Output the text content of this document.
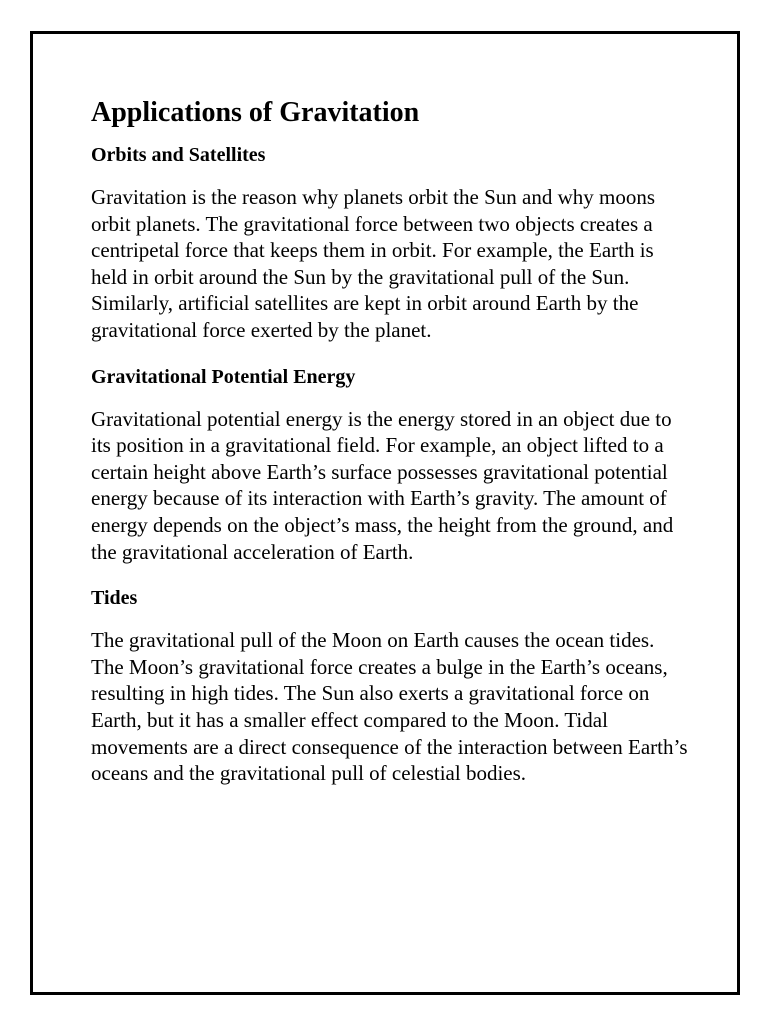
Applications of Gravitation
Orbits and Satellites

Gravitation is the reason why planets orbit the Sun and why moons orbit planets. The gravitational force between two objects creates a centripetal force that keeps them in orbit. For example, the Earth is held in orbit around the Sun by the gravitational pull of the Sun. Similarly, artificial satellites are kept in orbit around Earth by the gravitational force exerted by the planet.

Gravitational Potential Energy

Gravitational potential energy is the energy stored in an object due to its position in a gravitational field. For example, an object lifted to a certain height above Earth’s surface possesses gravitational potential energy because of its interaction with Earth’s gravity. The amount of energy depends on the object’s mass, the height from the ground, and the gravitational acceleration of Earth.

Tides

The gravitational pull of the Moon on Earth causes the ocean tides. The Moon’s gravitational force creates a bulge in the Earth’s oceans, resulting in high tides. The Sun also exerts a gravitational force on Earth, but it has a smaller effect compared to the Moon. Tidal movements are a direct consequence of the interaction between Earth’s oceans and the gravitational pull of celestial bodies.
